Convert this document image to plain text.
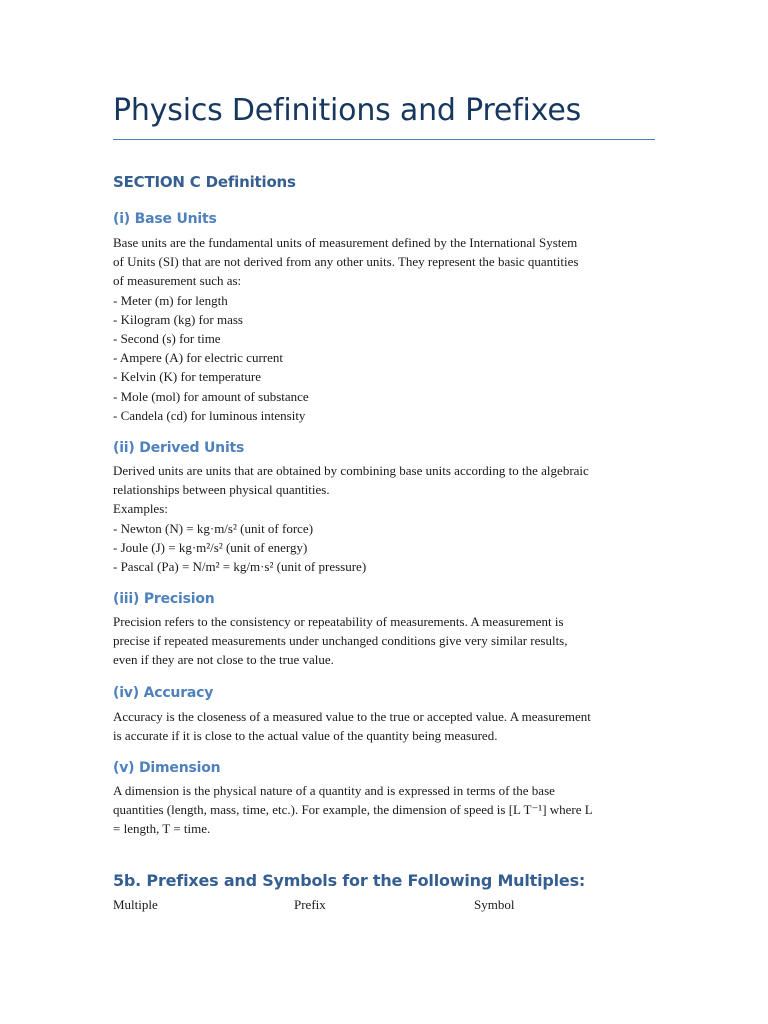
Physics Definitions and Prefixes
SECTION C Definitions
(i) Base Units
Base units are the fundamental units of measurement defined by the International System
of Units (SI) that are not derived from any other units. They represent the basic quantities
of measurement such as:
- Meter (m) for length
- Kilogram (kg) for mass
- Second (s) for time
- Ampere (A) for electric current
- Kelvin (K) for temperature
- Mole (mol) for amount of substance
- Candela (cd) for luminous intensity
(ii) Derived Units
Derived units are units that are obtained by combining base units according to the algebraic
relationships between physical quantities.
Examples:
- Newton (N) = kg·m/s² (unit of force)
- Joule (J) = kg·m²/s² (unit of energy)
- Pascal (Pa) = N/m² = kg/m·s² (unit of pressure)
(iii) Precision
Precision refers to the consistency or repeatability of measurements. A measurement is
precise if repeated measurements under unchanged conditions give very similar results,
even if they are not close to the true value.
(iv) Accuracy
Accuracy is the closeness of a measured value to the true or accepted value. A measurement
is accurate if it is close to the actual value of the quantity being measured.
(v) Dimension
A dimension is the physical nature of a quantity and is expressed in terms of the base
quantities (length, mass, time, etc.). For example, the dimension of speed is [L T⁻¹] where L
= length, T = time.
5b. Prefixes and Symbols for the Following Multiples:
Multiple	Prefix	Symbol
